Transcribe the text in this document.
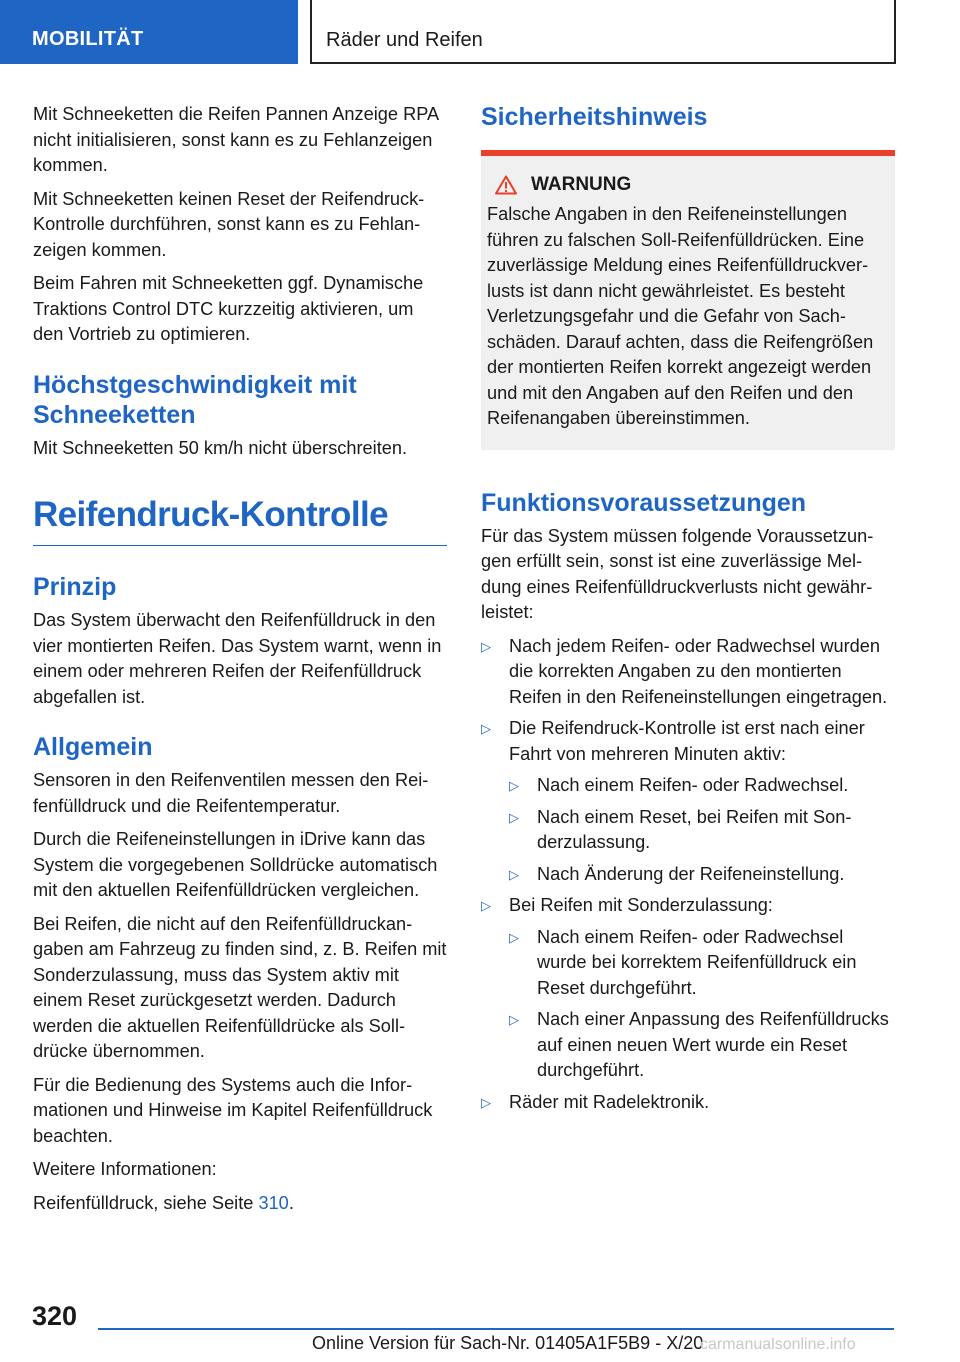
MOBILITÄT	Räder und Reifen

Mit Schneeketten die Reifen Pannen Anzeige RPA nicht initialisieren, sonst kann es zu Fehlanzeigen kommen.

Mit Schneeketten keinen Reset der Reifendruck-Kontrolle durchführen, sonst kann es zu Fehlanzeigen kommen.

Beim Fahren mit Schneeketten ggf. Dynamische Traktions Control DTC kurzzeitig aktivieren, um den Vortrieb zu optimieren.

Höchstgeschwindigkeit mit Schneeketten

Mit Schneeketten 50 km/h nicht überschreiten.

Reifendruck-Kontrolle
Prinzip

Das System überwacht den Reifenfülldruck in den vier montierten Reifen. Das System warnt, wenn in einem oder mehreren Reifen der Reifenfülldruck abgefallen ist.

Allgemein

Sensoren in den Reifenventilen messen den Reifenfülldruck und die Reifentemperatur.

Durch die Reifeneinstellungen in iDrive kann das System die vorgegebenen Solldrücke automatisch mit den aktuellen Reifenfülldrücken vergleichen.

Bei Reifen, die nicht auf den Reifenfülldruckangaben am Fahrzeug zu finden sind, z. B. Reifen mit Sonderzulassung, muss das System aktiv mit einem Reset zurückgesetzt werden. Dadurch werden die aktuellen Reifenfülldrücke als Solldrücke übernommen.

Für die Bedienung des Systems auch die Informationen und Hinweise im Kapitel Reifenfülldruck beachten.

Weitere Informationen:

Reifenfülldruck, siehe Seite 310.

Sicherheitshinweis
WARNUNG

Falsche Angaben in den Reifeneinstellungen führen zu falschen Soll-Reifenfülldrücken. Eine zuverlässige Meldung eines Reifenfülldruckverlusts ist dann nicht gewährleistet. Es besteht Verletzungsgefahr und die Gefahr von Sachschäden. Darauf achten, dass die Reifengrößen der montierten Reifen korrekt angezeigt werden und mit den Angaben auf den Reifen und den Reifenangaben übereinstimmen.

Funktionsvoraussetzungen

Für das System müssen folgende Voraussetzungen erfüllt sein, sonst ist eine zuverlässige Meldung eines Reifenfülldruckverlusts nicht gewährleistet:

▷ Nach jedem Reifen- oder Radwechsel wurden die korrekten Angaben zu den montierten Reifen in den Reifeneinstellungen eingetragen.
▷ Die Reifendruck-Kontrolle ist erst nach einer Fahrt von mehreren Minuten aktiv:
▷ Nach einem Reifen- oder Radwechsel.
▷ Nach einem Reset, bei Reifen mit Sonderzulassung.
▷ Nach Änderung der Reifeneinstellung.
▷ Bei Reifen mit Sonderzulassung:
▷ Nach einem Reifen- oder Radwechsel wurde bei korrektem Reifenfülldruck ein Reset durchgeführt.
▷ Nach einer Anpassung des Reifenfülldrucks auf einen neuen Wert wurde ein Reset durchgeführt.
▷ Räder mit Radelektronik.
320
Online Version für Sach-Nr. 01405A1F5B9 - X/20
carmanualsonline.info
